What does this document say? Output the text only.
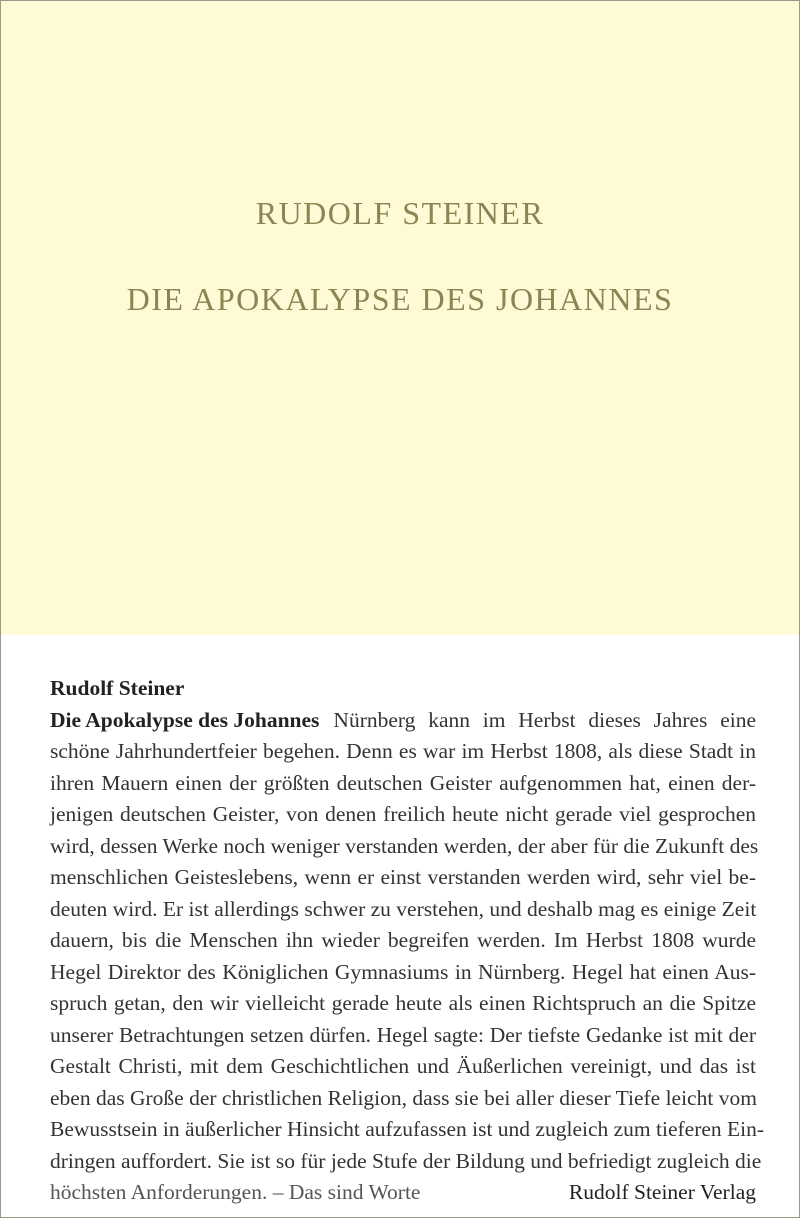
RUDOLF STEINER
DIE APOKALYPSE DES JOHANNES
Rudolf Steiner
Die Apokalypse des Johannes Nürnberg kann im Herbst dieses Jahres eine
schöne Jahrhundertfeier begehen. Denn es war im Herbst 1808, als diese Stadt in
ihren Mauern einen der größten deutschen Geister aufgenommen hat, einen der-
jenigen deutschen Geister, von denen freilich heute nicht gerade viel gesprochen
wird, dessen Werke noch weniger verstanden werden, der aber für die Zukunft des
menschlichen Geisteslebens, wenn er einst verstanden werden wird, sehr viel be-
deuten wird. Er ist allerdings schwer zu verstehen, und deshalb mag es einige Zeit
dauern, bis die Menschen ihn wieder begreifen werden. Im Herbst 1808 wurde
Hegel Direktor des Königlichen Gymnasiums in Nürnberg. Hegel hat einen Aus-
spruch getan, den wir vielleicht gerade heute als einen Richtspruch an die Spitze
unserer Betrachtungen setzen dürfen. Hegel sagte: Der tiefste Gedanke ist mit der
Gestalt Christi, mit dem Geschichtlichen und Äußerlichen vereinigt, und das ist
eben das Große der christlichen Religion, dass sie bei aller dieser Tiefe leicht vom
Bewusstsein in äußerlicher Hinsicht aufzufassen ist und zugleich zum tieferen Ein-
dringen auffordert. Sie ist so für jede Stufe der Bildung und befriedigt zugleich die
höchsten Anforderungen. – Das sind Worte	Rudolf Steiner Verlag
